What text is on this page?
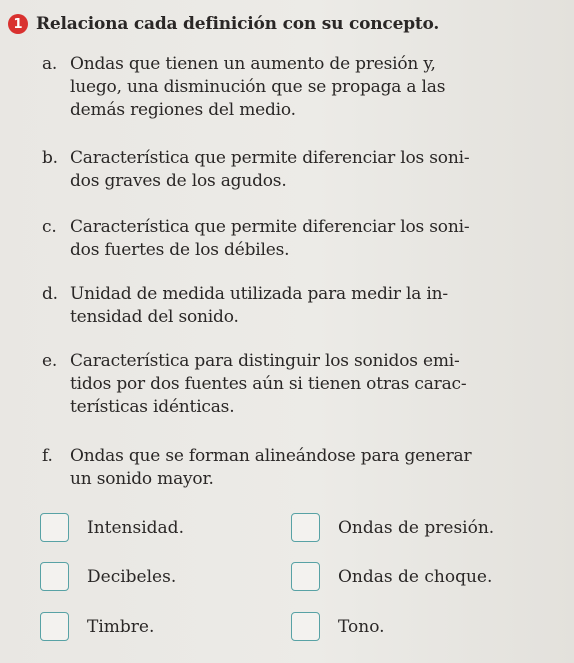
1 Relaciona cada definición con su concepto.
a. Ondas que tienen un aumento de presión y,
luego, una disminución que se propaga a las
demás regiones del medio.
b. Característica que permite diferenciar los soni-
dos graves de los agudos.
c. Característica que permite diferenciar los soni-
dos fuertes de los débiles.
d. Unidad de medida utilizada para medir la in-
tensidad del sonido.
e. Característica para distinguir los sonidos emi-
tidos por dos fuentes aún si tienen otras carac-
terísticas idénticas.
f. Ondas que se forman alineándose para generar
un sonido mayor.
Intensidad.	Ondas de presión.
Decibeles.	Ondas de choque.
Timbre.	Tono.
